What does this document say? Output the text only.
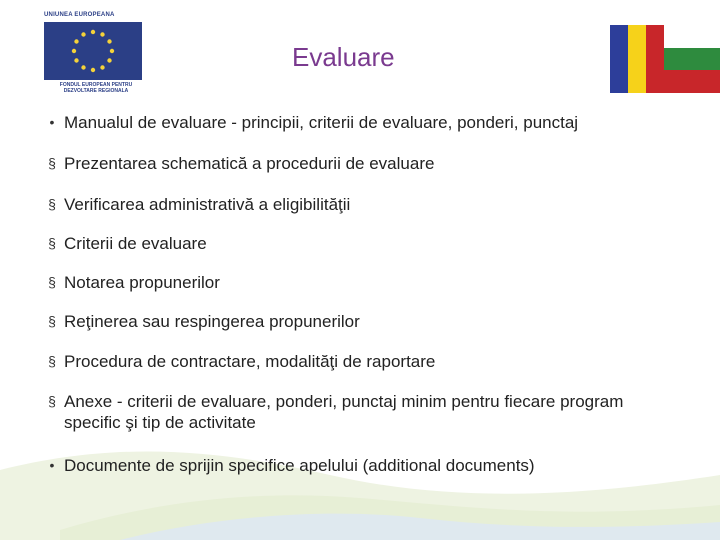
UNIUNEA EUROPEANA
FONDUL EUROPEAN PENTRU
DEZVOLTARE REGIONALA
Evaluare
• Manualul de evaluare - principii, criterii de evaluare, ponderi, punctaj
§ Prezentarea schematică a procedurii de evaluare
§ Verificarea administrativă a eligibilităţii
§ Criterii de evaluare
§ Notarea propunerilor
§ Reţinerea sau respingerea propunerilor
§ Procedura de contractare, modalităţi de raportare
§ Anexe - criterii de evaluare, ponderi, punctaj minim pentru fiecare program specific şi tip de activitate
• Documente de sprijin specifice apelului (additional documents)
